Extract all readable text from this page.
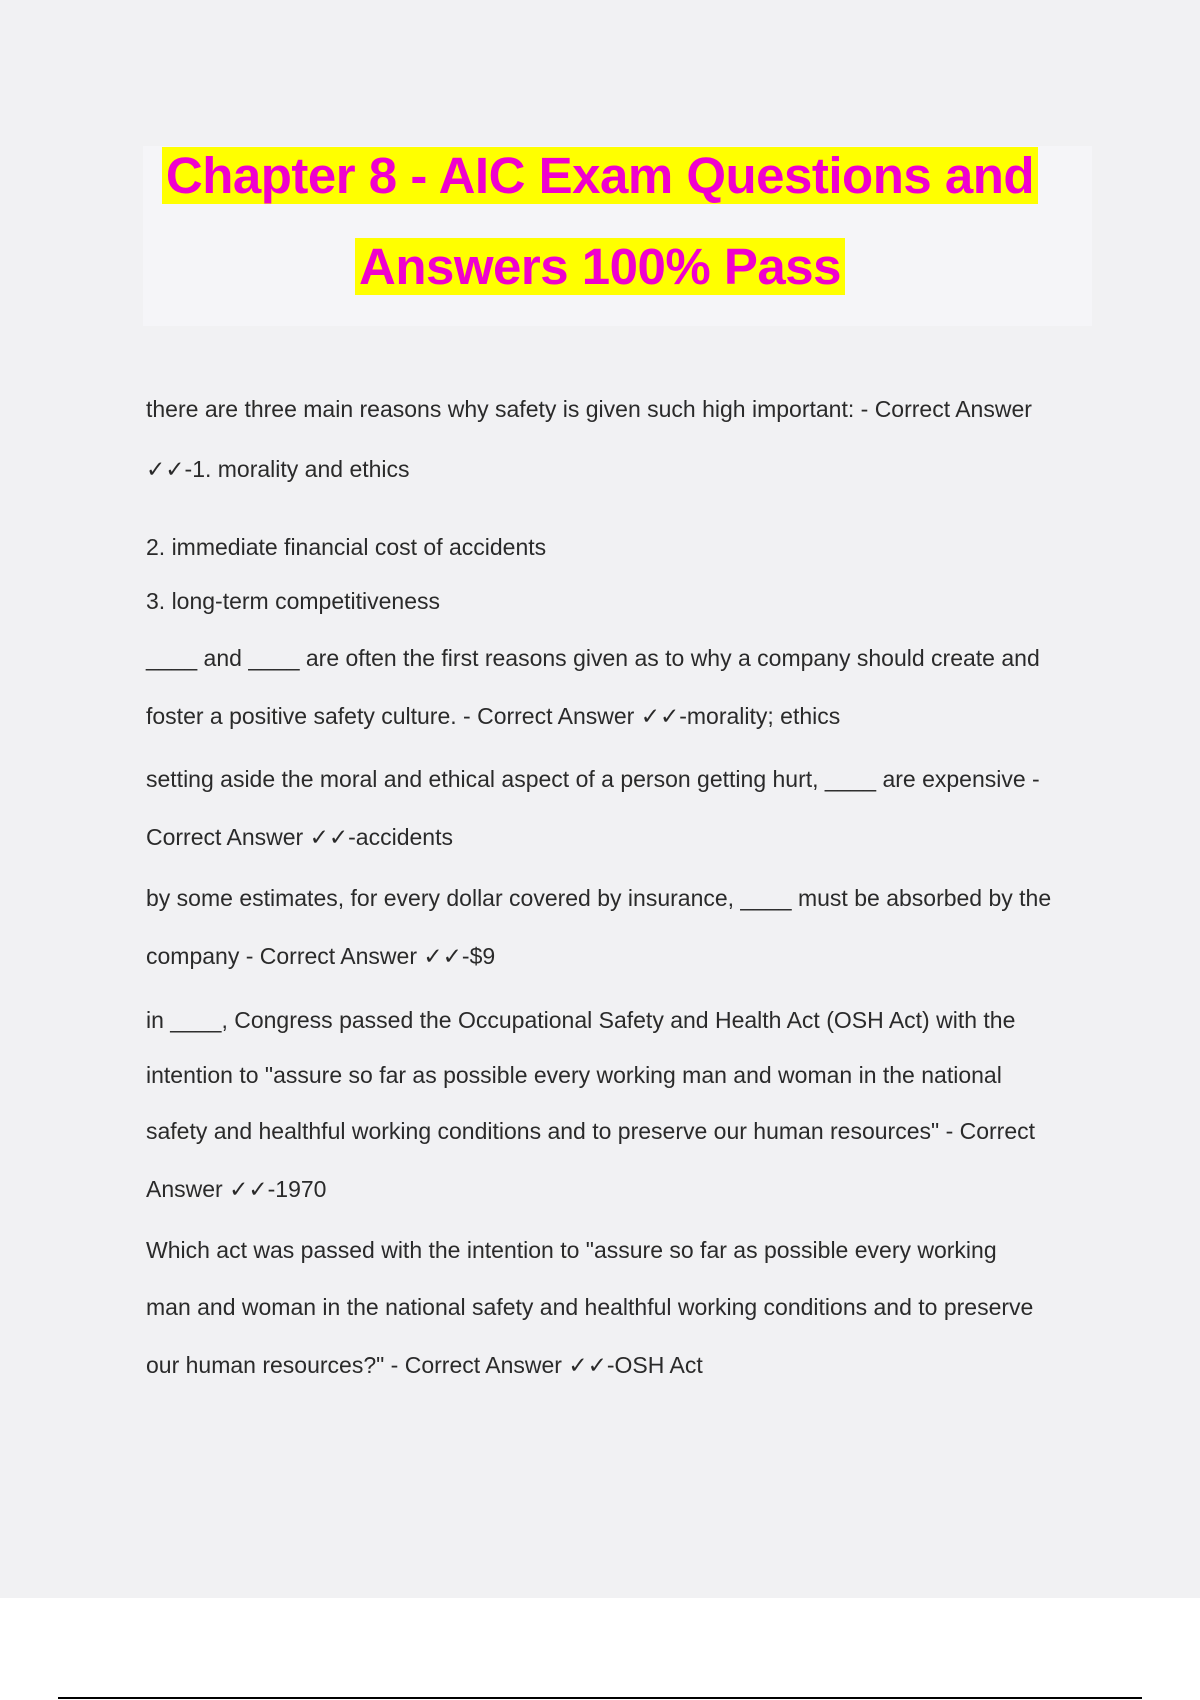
Chapter 8 - AIC Exam Questions and
Answers 100% Pass
there are three main reasons why safety is given such high important: - Correct Answer
✓✓-1. morality and ethics
2. immediate financial cost of accidents
3. long-term competitiveness
____ and ____ are often the first reasons given as to why a company should create and
foster a positive safety culture. - Correct Answer ✓✓-morality; ethics
setting aside the moral and ethical aspect of a person getting hurt, ____ are expensive -
Correct Answer ✓✓-accidents
by some estimates, for every dollar covered by insurance, ____ must be absorbed by the
company - Correct Answer ✓✓-$9
in ____, Congress passed the Occupational Safety and Health Act (OSH Act) with the
intention to "assure so far as possible every working man and woman in the national
safety and healthful working conditions and to preserve our human resources" - Correct
Answer ✓✓-1970
Which act was passed with the intention to "assure so far as possible every working
man and woman in the national safety and healthful working conditions and to preserve
our human resources?" - Correct Answer ✓✓-OSH Act
